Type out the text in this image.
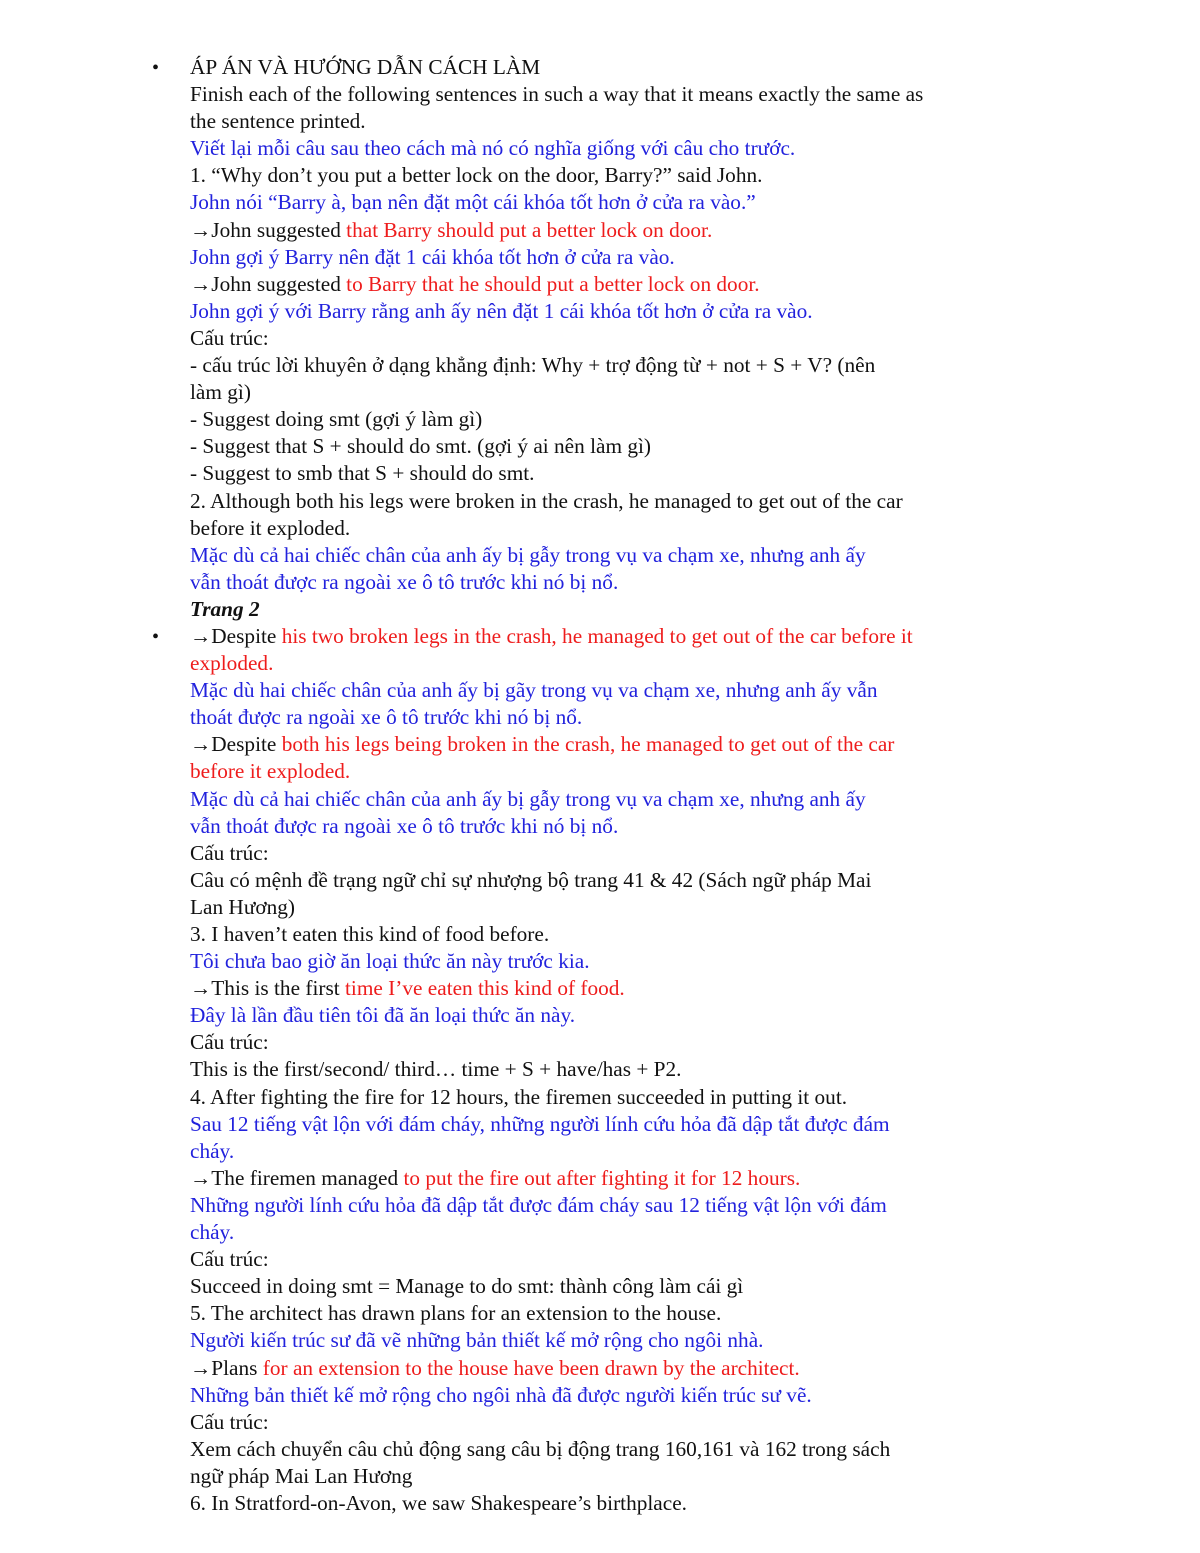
•
•
ÁP ÁN VÀ HƯỚNG DẪN CÁCH LÀM
Finish each of the following sentences in such a way that it means exactly the same as
the sentence printed.
Viết lại mỗi câu sau theo cách mà nó có nghĩa giống với câu cho trước.
1. “Why don’t you put a better lock on the door, Barry?” said John.
John nói “Barry à, bạn nên đặt một cái khóa tốt hơn ở cửa ra vào.”
→John suggested that Barry should put a better lock on door.
John gợi ý Barry nên đặt 1 cái khóa tốt hơn ở cửa ra vào.
→John suggested to Barry that he should put a better lock on door.
John gợi ý với Barry rằng anh ấy nên đặt 1 cái khóa tốt hơn ở cửa ra vào.
Cấu trúc:
- cấu trúc lời khuyên ở dạng khẳng định: Why + trợ động từ + not + S + V? (nên
làm gì)
- Suggest doing smt (gợi ý làm gì)
- Suggest that S + should do smt. (gợi ý ai nên làm gì)
- Suggest to smb that S + should do smt.
2. Although both his legs were broken in the crash, he managed to get out of the car
before it exploded.
Mặc dù cả hai chiếc chân của anh ấy bị gẫy trong vụ va chạm xe, nhưng anh ấy
vẫn thoát được ra ngoài xe ô tô trước khi nó bị nổ.
Trang 2
→Despite his two broken legs in the crash, he managed to get out of the car before it
exploded.
Mặc dù hai chiếc chân của anh ấy bị gãy trong vụ va chạm xe, nhưng anh ấy vẫn
thoát được ra ngoài xe ô tô trước khi nó bị nổ.
→Despite both his legs being broken in the crash, he managed to get out of the car
before it exploded.
Mặc dù cả hai chiếc chân của anh ấy bị gẫy trong vụ va chạm xe, nhưng anh ấy
vẫn thoát được ra ngoài xe ô tô trước khi nó bị nổ.
Cấu trúc:
Câu có mệnh đề trạng ngữ chỉ sự nhượng bộ trang 41 & 42 (Sách ngữ pháp Mai
Lan Hương)
3. I haven’t eaten this kind of food before.
Tôi chưa bao giờ ăn loại thức ăn này trước kia.
→This is the first time I’ve eaten this kind of food.
Đây là lần đầu tiên tôi đã ăn loại thức ăn này.
Cấu trúc:
This is the first/second/ third… time + S + have/has + P2.
4. After fighting the fire for 12 hours, the firemen succeeded in putting it out.
Sau 12 tiếng vật lộn với đám cháy, những người lính cứu hỏa đã dập tắt được đám
cháy.
→The firemen managed to put the fire out after fighting it for 12 hours.
Những người lính cứu hỏa đã dập tắt được đám cháy sau 12 tiếng vật lộn với đám
cháy.
Cấu trúc:
Succeed in doing smt = Manage to do smt: thành công làm cái gì
5. The architect has drawn plans for an extension to the house.
Người kiến trúc sư đã vẽ những bản thiết kế mở rộng cho ngôi nhà.
→Plans for an extension to the house have been drawn by the architect.
Những bản thiết kế mở rộng cho ngôi nhà đã được người kiến trúc sư vẽ.
Cấu trúc:
Xem cách chuyển câu chủ động sang câu bị động trang 160,161 và 162 trong sách
ngữ pháp Mai Lan Hương
6. In Stratford-on-Avon, we saw Shakespeare’s birthplace.
